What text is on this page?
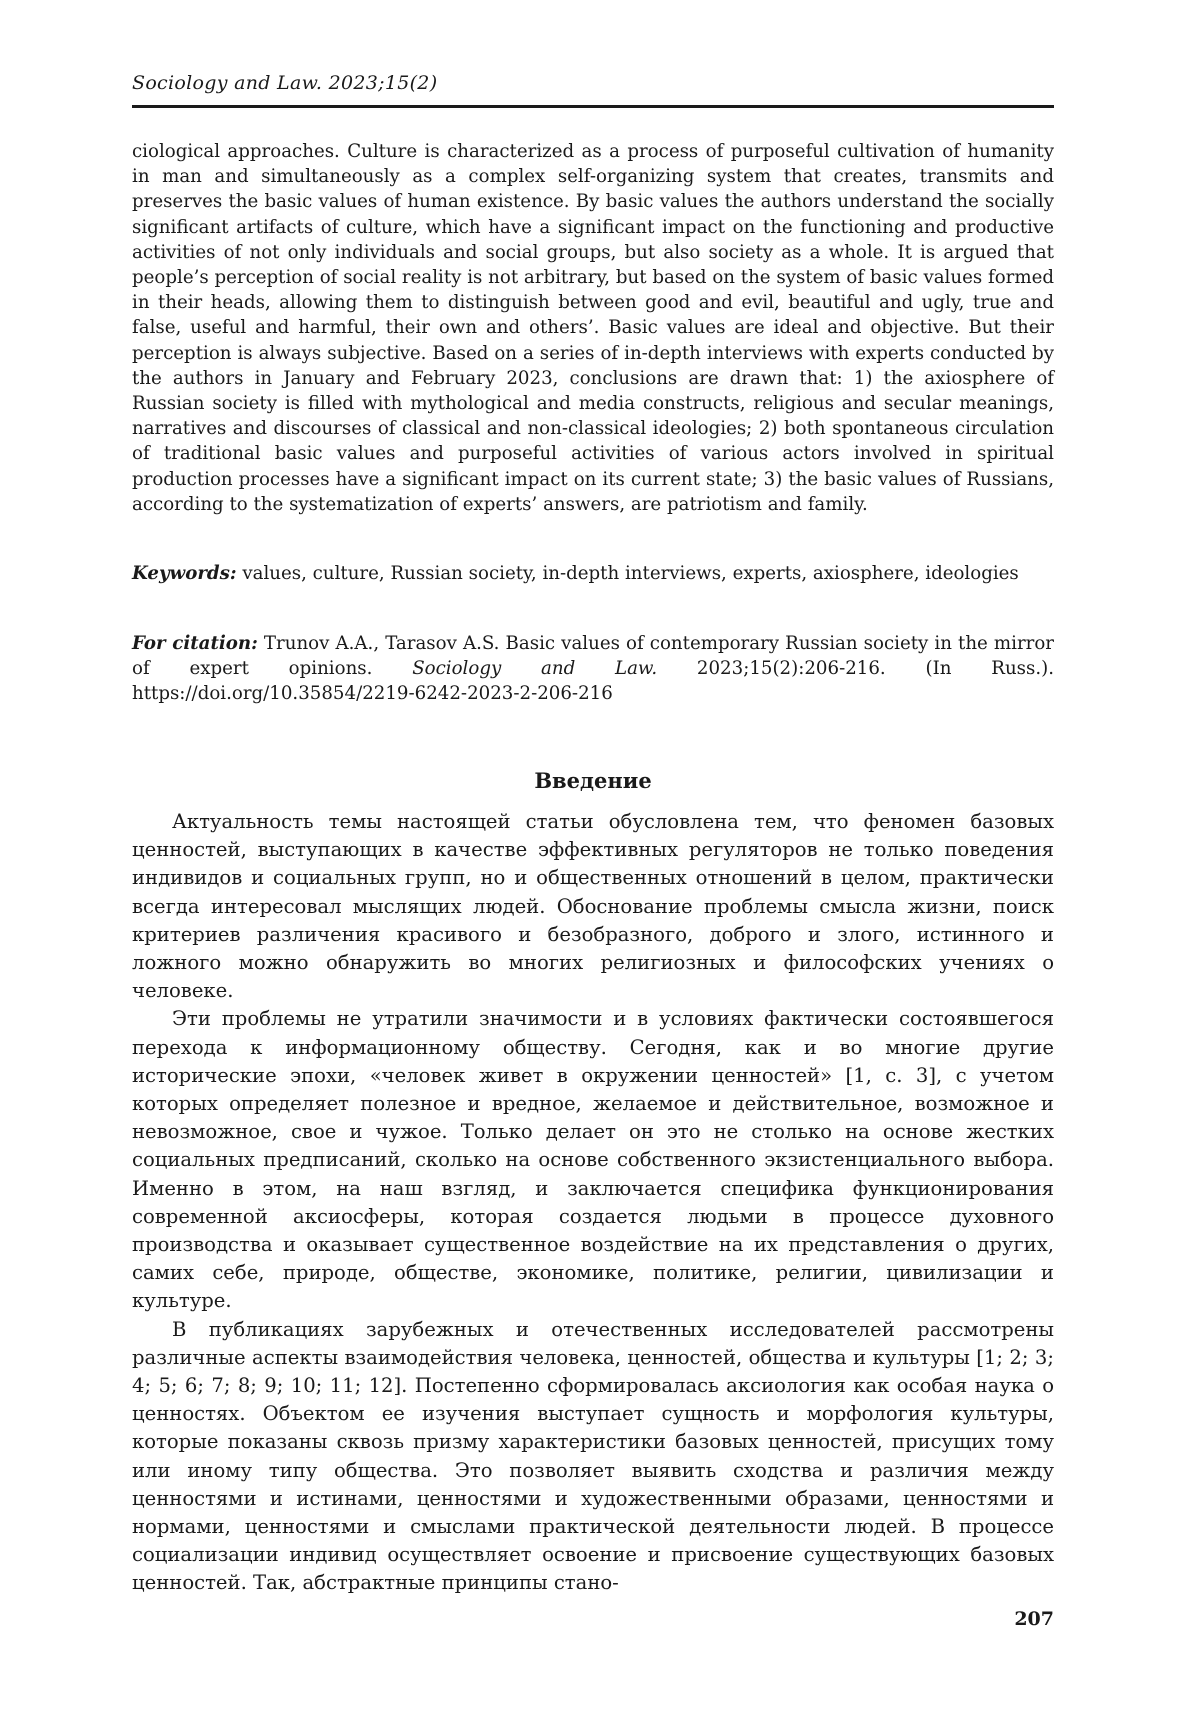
Sociology and Law. 2023;15(2)
ciological approaches. Culture is characterized as a process of purposeful cultivation of humanity in man and simultaneously as a complex self-organizing system that creates, transmits and preserves the basic values of human existence. By basic values the authors understand the socially significant artifacts of culture, which have a significant impact on the functioning and productive activities of not only individuals and social groups, but also society as a whole. It is argued that people’s perception of social reality is not arbitrary, but based on the system of basic values formed in their heads, allowing them to distinguish between good and evil, beautiful and ugly, true and false, useful and harmful, their own and others’. Basic values are ideal and objective. But their perception is always subjective. Based on a series of in-depth interviews with experts conducted by the authors in January and February 2023, conclusions are drawn that: 1) the axiosphere of Russian society is filled with mythological and media constructs, religious and secular meanings, narratives and discourses of classical and non-classical ideologies; 2) both spontaneous circulation of traditional basic values and purposeful activities of various actors involved in spiritual production processes have a significant impact on its current state; 3) the basic values of Russians, according to the systematization of experts’ answers, are patriotism and family.
Keywords: values, culture, Russian society, in-depth interviews, experts, axiosphere, ideologies
For citation: Trunov A.A., Tarasov A.S. Basic values of contemporary Russian society in the mirror of expert opinions. Sociology and Law. 2023;15(2):206-216. (In Russ.). https://doi.org/10.35854/2219-6242-2023-2-206-216
Введение

Актуальность темы настоящей статьи обусловлена тем, что феномен базовых ценностей, выступающих в качестве эффективных регуляторов не только поведения индивидов и социальных групп, но и общественных отношений в целом, практически всегда интересовал мыслящих людей. Обоснование проблемы смысла жизни, поиск критериев различения красивого и безобразного, доброго и злого, истинного и ложного можно обнаружить во многих религиозных и философских учениях о человеке.

Эти проблемы не утратили значимости и в условиях фактически состоявшегося перехода к информационному обществу. Сегодня, как и во многие другие исторические эпохи, «человек живет в окружении ценностей» [1, с. 3], с учетом которых определяет полезное и вредное, желаемое и действительное, возможное и невозможное, свое и чужое. Только делает он это не столько на основе жестких социальных предписаний, сколько на основе собственного экзистенциального выбора. Именно в этом, на наш взгляд, и заключается специфика функционирования современной аксиосферы, которая создается людьми в процессе духовного производства и оказывает существенное воздействие на их представления о других, самих себе, природе, обществе, экономике, политике, религии, цивилизации и культуре.

В публикациях зарубежных и отечественных исследователей рассмотрены различные аспекты взаимодействия человека, ценностей, общества и культуры [1; 2; 3; 4; 5; 6; 7; 8; 9; 10; 11; 12]. Постепенно сформировалась аксиология как особая наука о ценностях. Объектом ее изучения выступает сущность и морфология культуры, которые показаны сквозь призму характеристики базовых ценностей, присущих тому или иному типу общества. Это позволяет выявить сходства и различия между ценностями и истинами, ценностями и художественными образами, ценностями и нормами, ценностями и смыслами практической деятельности людей. В процессе социализации индивид осуществляет освоение и присвоение существующих базовых ценностей. Так, абстрактные принципы стано-

207
